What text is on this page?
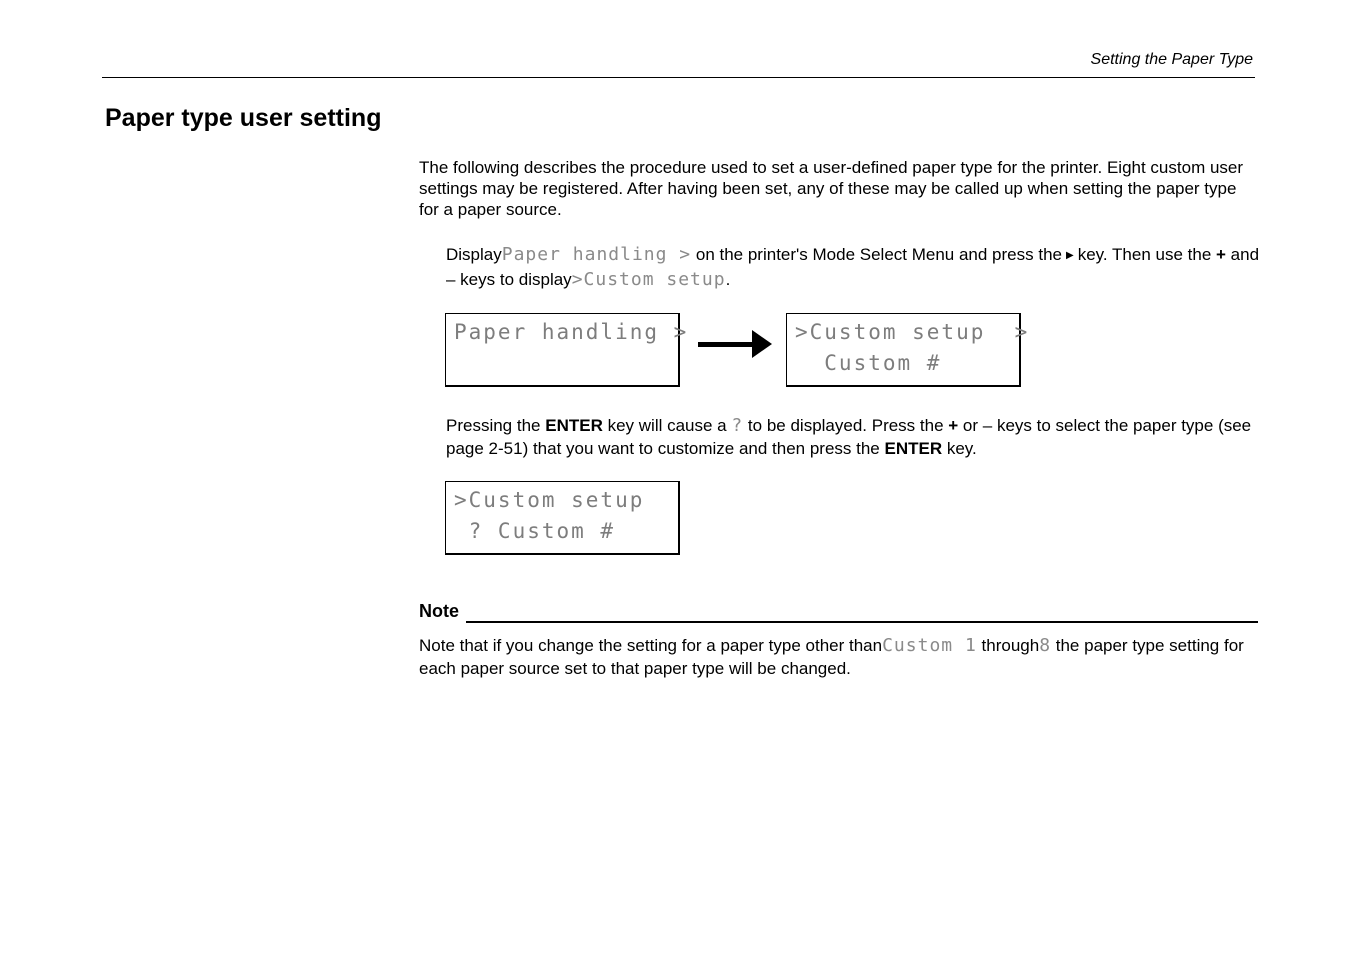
Setting the Paper Type
Paper type user setting

The following describes the procedure used to set a user-defined paper type for the printer. Eight custom user settings may be registered. After having been set, any of these may be called up when setting the paper type for a paper source.

DisplayPaper handling > on the printer's Mode Select Menu and press the ▶ key. Then use the + and – keys to display>Custom setup.

Paper handling >	>Custom setup  >
Custom #

Pressing the ENTER key will cause a ? to be displayed. Press the + or – keys to select the paper type (see page 2-51) that you want to customize and then press the ENTER key.

>Custom setup
? Custom #
Note

Note that if you change the setting for a paper type other thanCustom 1 through8 the paper type setting for each paper source set to that paper type will be changed.
